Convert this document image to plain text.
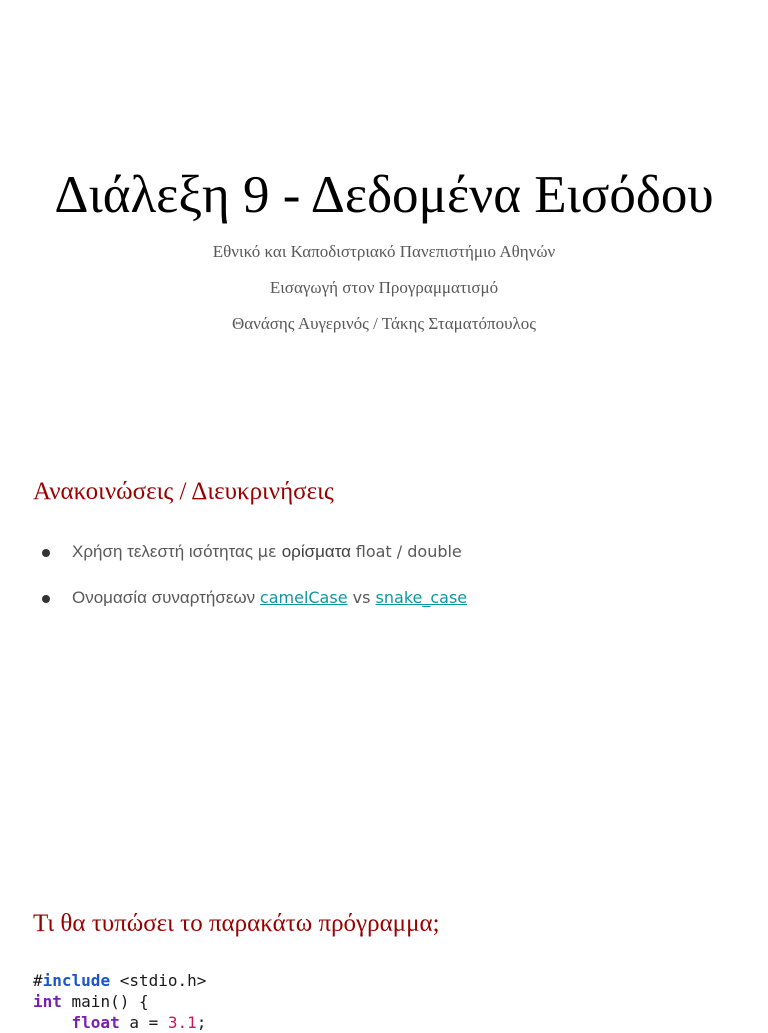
Διάλεξη 9 - Δεδομένα Εισόδου
Εθνικό και Καποδιστριακό Πανεπιστήμιο Αθηνών
Εισαγωγή στον Προγραμματισμό
Θανάσης Αυγερινός / Τάκης Σταματόπουλος
Ανακοινώσεις / Διευκρινήσεις
Χρήση τελεστή ισότητας με ορίσματα float / double
Ονομασία συναρτήσεων camelCase vs snake_case
Τι θα τυπώσει το παρακάτω πρόγραμμα;
#include <stdio.h>
int main() {
float a = 3.1;
